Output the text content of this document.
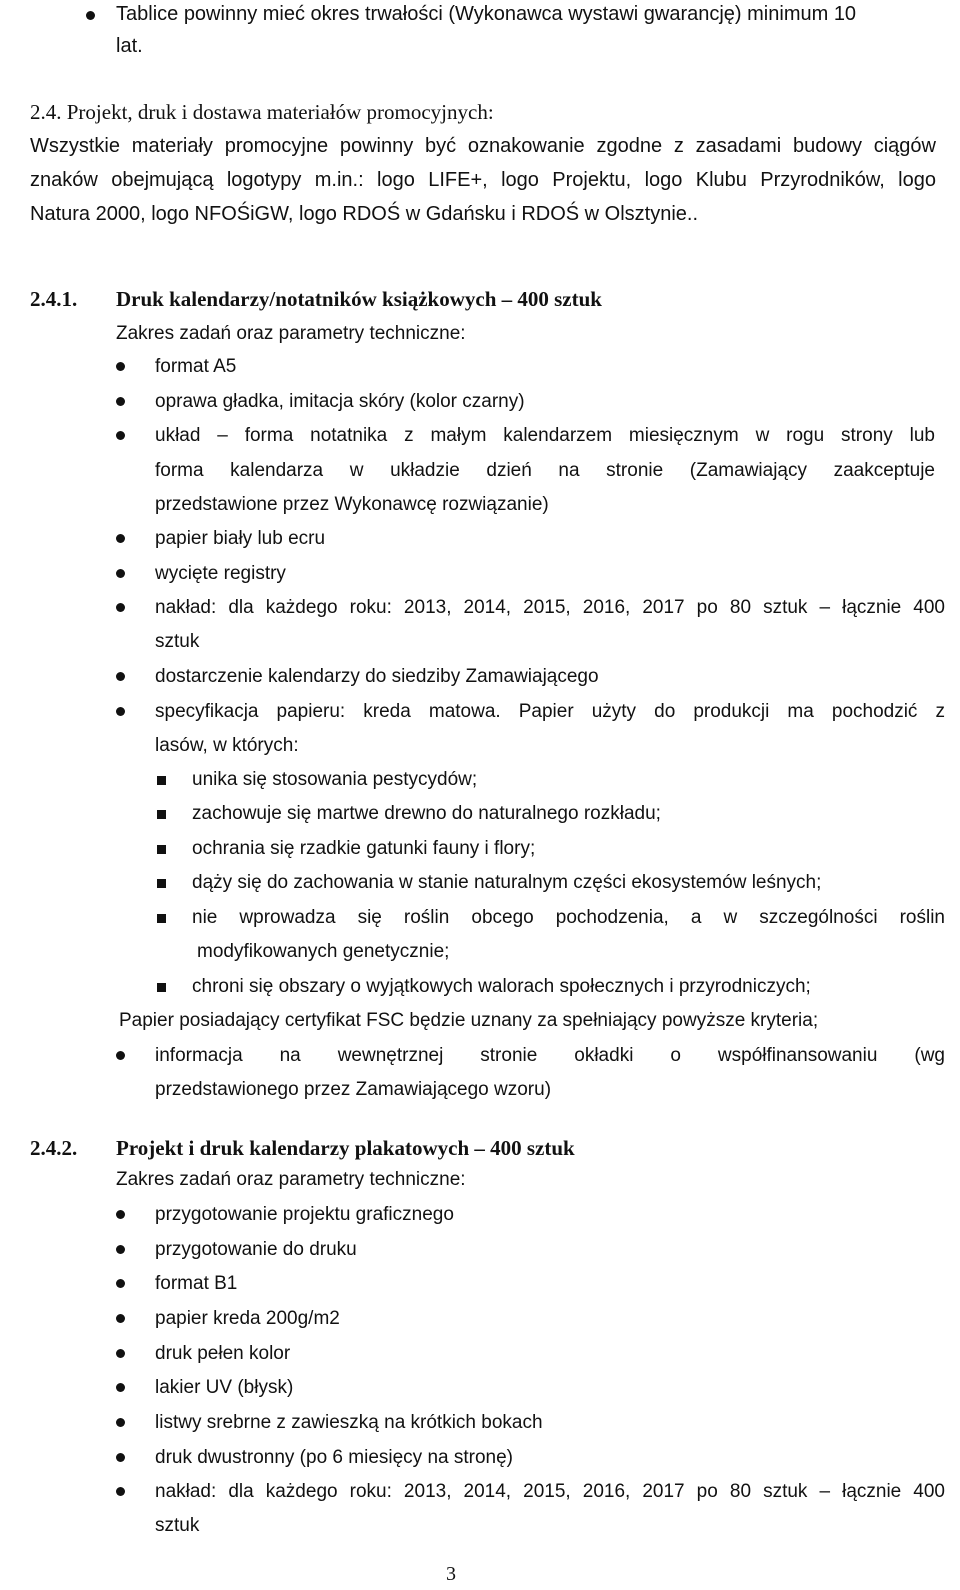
Tablice powinny mieć okres trwałości (Wykonawca wystawi gwarancję) minimum 10
lat.
2.4. Projekt, druk i dostawa materiałów promocyjnych:
Wszystkie materiały promocyjne powinny być oznakowanie zgodne z zasadami budowy ciągów
znaków obejmującą logotypy m.in.: logo LIFE+, logo Projektu, logo Klubu Przyrodników, logo
Natura 2000, logo NFOŚiGW, logo RDOŚ w Gdańsku i RDOŚ w Olsztynie..
2.4.1. Druk kalendarzy/notatników książkowych – 400 sztuk
Zakres zadań oraz parametry techniczne:
format A5
oprawa gładka, imitacja skóry (kolor czarny)
układ – forma notatnika z małym kalendarzem miesięcznym w rogu strony lub
forma kalendarza w układzie dzień na stronie (Zamawiający zaakceptuje
przedstawione przez Wykonawcę rozwiązanie)
papier biały lub ecru
wycięte registry
nakład: dla każdego roku: 2013, 2014, 2015, 2016, 2017 po 80 sztuk – łącznie 400
sztuk
dostarczenie kalendarzy do siedziby Zamawiającego
specyfikacja papieru: kreda matowa. Papier użyty do produkcji ma pochodzić z
lasów, w których:
unika się stosowania pestycydów;
zachowuje się martwe drewno do naturalnego rozkładu;
ochrania się rzadkie gatunki fauny i flory;
dąży się do zachowania w stanie naturalnym części ekosystemów leśnych;
nie wprowadza się roślin obcego pochodzenia, a w szczególności roślin
modyfikowanych genetycznie;
chroni się obszary o wyjątkowych walorach społecznych i przyrodniczych;
Papier posiadający certyfikat FSC będzie uznany za spełniający powyższe kryteria;
informacja na wewnętrznej stronie okładki o współfinansowaniu (wg
przedstawionego przez Zamawiającego wzoru)
2.4.2. Projekt i druk kalendarzy plakatowych – 400 sztuk
Zakres zadań oraz parametry techniczne:
przygotowanie projektu graficznego
przygotowanie do druku
format B1
papier kreda 200g/m2
druk pełen kolor
lakier UV (błysk)
listwy srebrne z zawieszką na krótkich bokach
druk dwustronny (po 6 miesięcy na stronę)
nakład: dla każdego roku: 2013, 2014, 2015, 2016, 2017 po 80 sztuk – łącznie 400
sztuk
3
